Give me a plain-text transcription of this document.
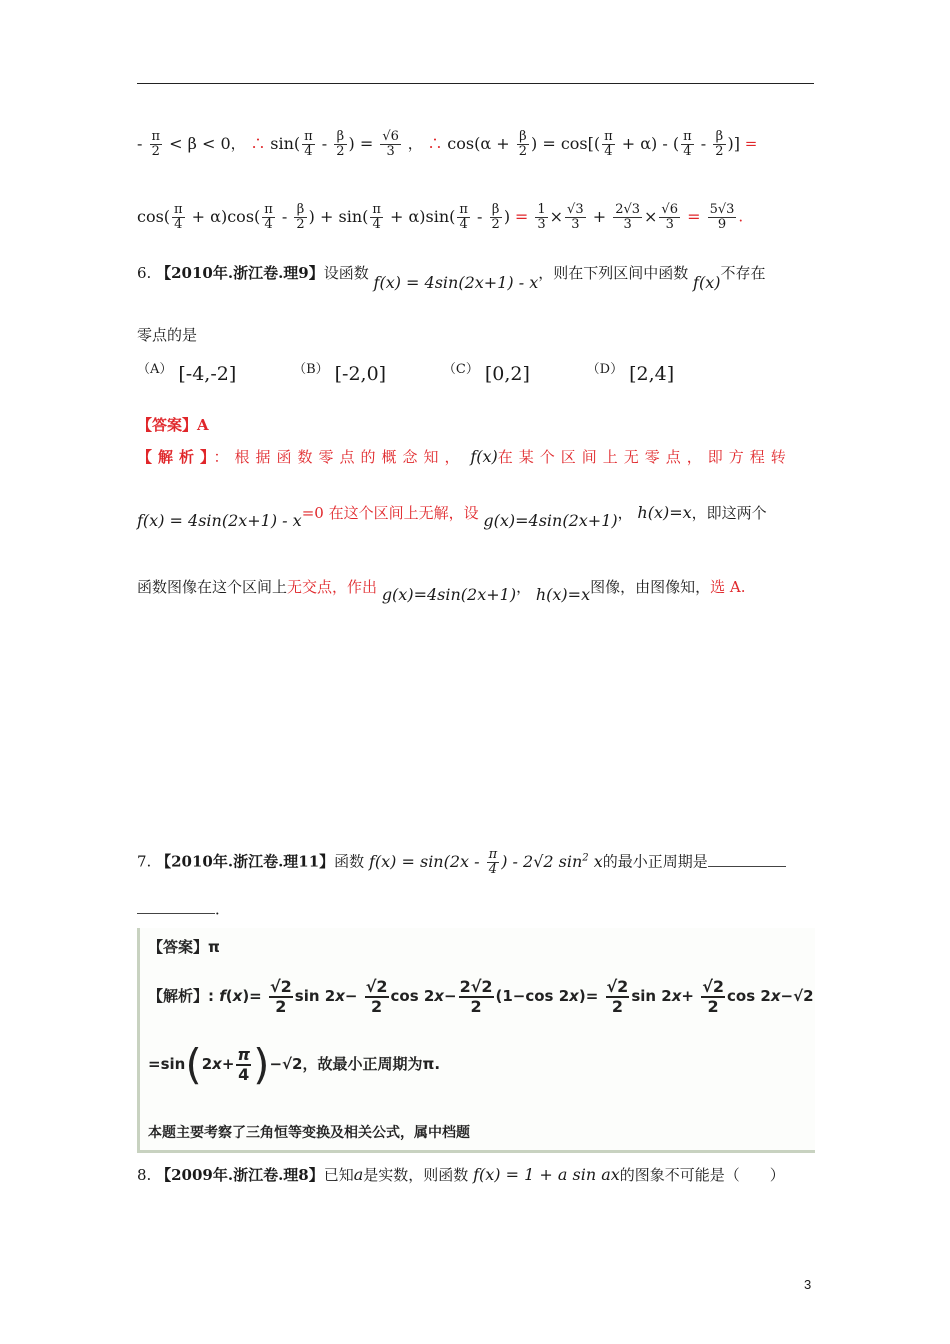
- $\frac{\pi}{2} < \beta < 0$， ∴ $\sin( \frac{\pi}{4} - \frac{\beta}{2}$ ) = $\frac{√6}{3}$ ， ∴ $\cos(\alpha + \frac{\beta}{2}$ ) = $\cos[( \frac{\pi}{4} + \alpha)$ - ( $\frac{\pi}{4} - \frac{\beta}{2}$ )] =
$\cos( \frac{\pi}{4} + \alpha)\cos( \frac{\pi}{4} - \frac{\beta}{2}$ ) + $\sin( \frac{\pi}{4} + \alpha)\sin( \frac{\pi}{4} - \frac{\beta}{2}$ ) = $\frac{1}{3} \times \frac{√3}{3} + \frac{2√3}{3} \times \frac{√6}{3} = \frac{5√3}{9}$ .
6. 【2010年.浙江卷.理9】设函数 f(x) = 4sin(2x+1) - x，则在下列区间中函数 f(x)不存在
零点的是
（A） [-4,-2]	（B） [-2,0]	（C） [0,2]	（D） [2,4]
【答案】A
【解析】：根据函数零点的概念知， f(x)在某个区间上无零点，即方程转
f(x) = 4sin(2x+1) - x=0 在这个区间上无解，设 g(x)=4sin(2x+1)， h(x)=x，即这两个
函数图像在这个区间上无交点，作出 g(x)=4sin(2x+1)， h(x)=x图像，由图像知，选 A.
7. 【2010年.浙江卷.理11】函数 $f(x) = \sin(2x - \frac{\pi}{4}$ ) - 2√2 $\sin^2 x$的最小正周期是
．
【答案】π
【解析】: $f(x)= \frac{√2}{2}$ $\sin 2x- \frac{√2}{2}$ $\cos 2x- \frac{2√2}{2} (1-\cos$ $2x)= \frac{√2}{2}$ $\sin 2x+ \frac{√2}{2}$ cos 2x−√2
$=\sin(2x+ \frac{\pi}{4} )-√2$，故最小正周期为π.
本题主要考察了三角恒等变换及相关公式，属中档题
8. 【2009年.浙江卷.理8】已知a是实数，则函数 f(x) = 1 + a sin ax的图象不可能是（　　）
3
